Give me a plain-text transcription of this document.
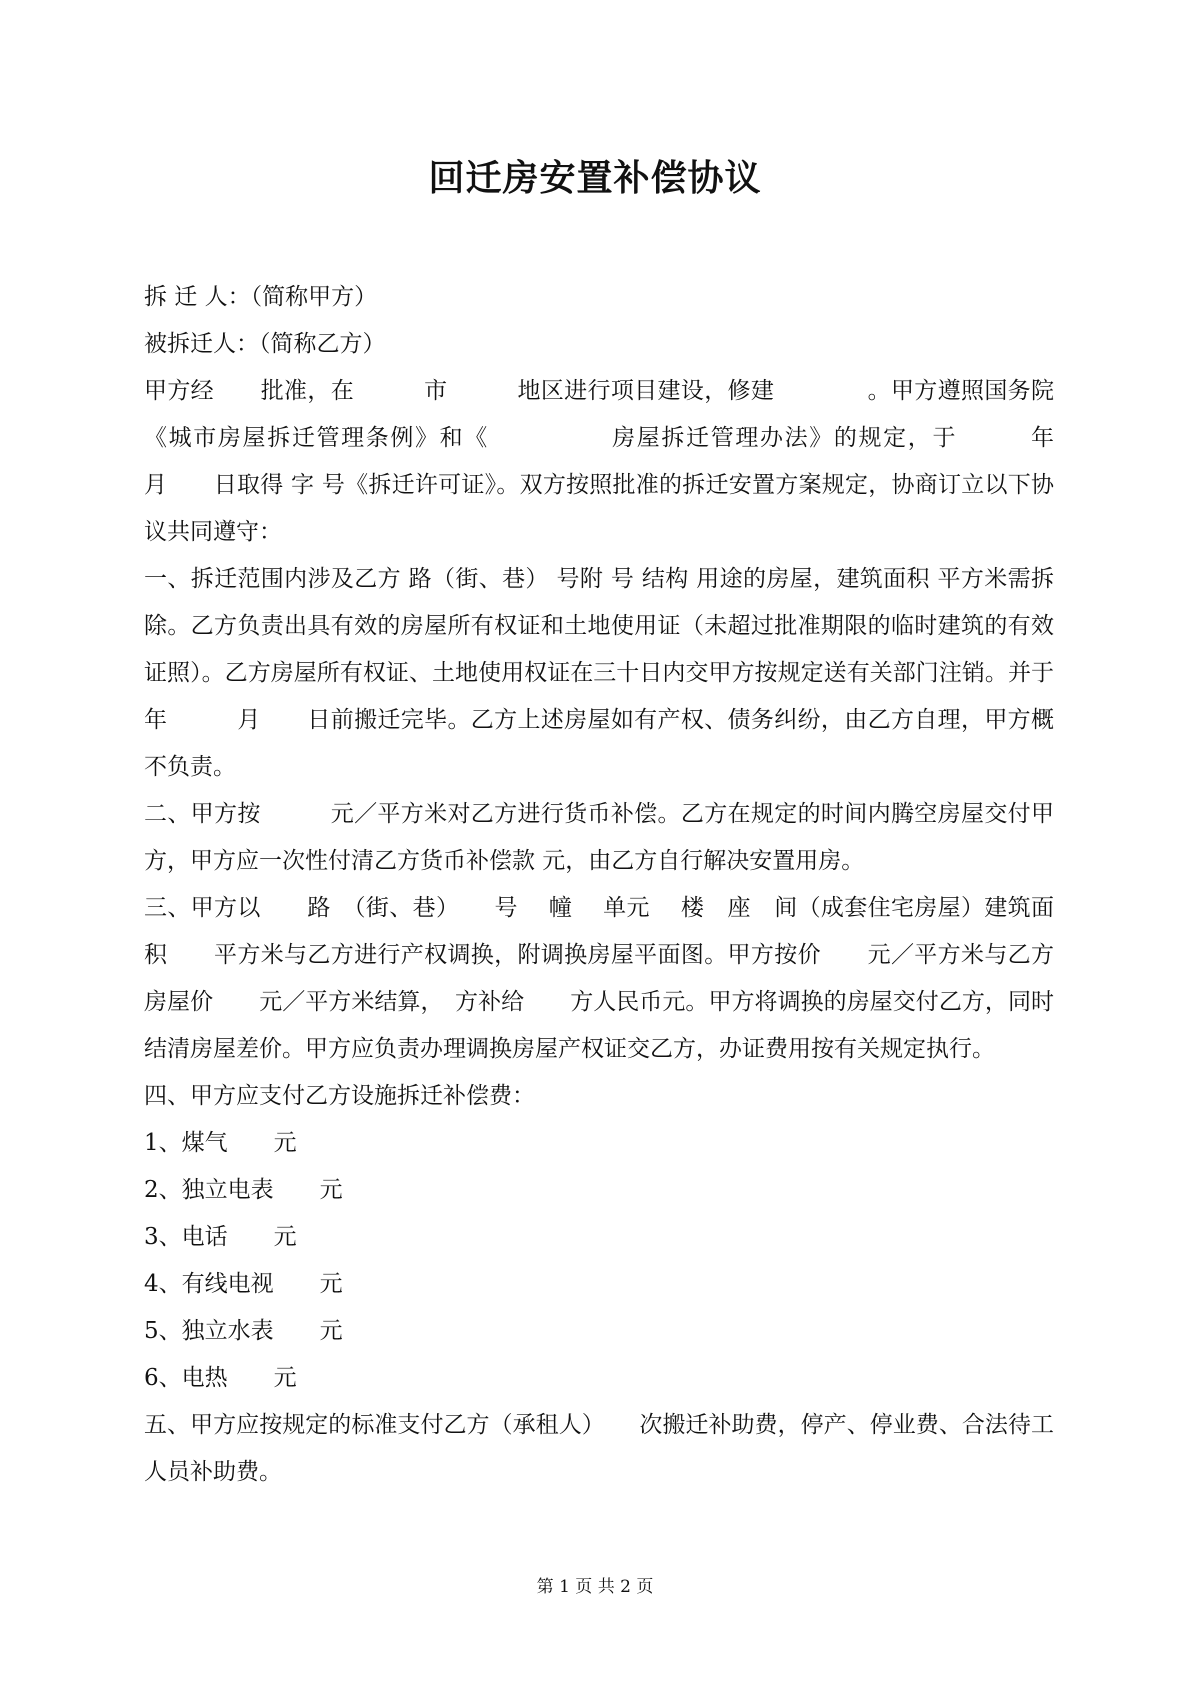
回迁房安置补偿协议

拆 迁 人：（简称甲方）

被拆迁人：（简称乙方）

甲方经　　批准，在　　　市　　　地区进行项目建设，修建　　　　。甲方遵照国务院《城市房屋拆迁管理条例》和《　　　　　房屋拆迁管理办法》的规定，于　　　年　　月　　日取得 字 号《拆迁许可证》。双方按照批准的拆迁安置方案规定，协商订立以下协议共同遵守：

一、拆迁范围内涉及乙方 路（街、巷） 号附 号 结构 用途的房屋，建筑面积 平方米需拆除。乙方负责出具有效的房屋所有权证和土地使用证（未超过批准期限的临时建筑的有效证照）。乙方房屋所有权证、土地使用权证在三十日内交甲方按规定送有关部门注销。并于　　　年　　　月　　日前搬迁完毕。乙方上述房屋如有产权、债务纠纷，由乙方自理，甲方概不负责。

二、甲方按　　　元／平方米对乙方进行货币补偿。乙方在规定的时间内腾空房屋交付甲方，甲方应一次性付清乙方货币补偿款 元，由乙方自行解决安置用房。

三、甲方以　　路　（街、巷）　　号　 幢　 单元　 楼　座　间（成套住宅房屋）建筑面积　　平方米与乙方进行产权调换，附调换房屋平面图。甲方按价　　元／平方米与乙方房屋价　　元／平方米结算，　方补给　　方人民币元。甲方将调换的房屋交付乙方，同时结清房屋差价。甲方应负责办理调换房屋产权证交乙方，办证费用按有关规定执行。

四、甲方应支付乙方设施拆迁补偿费：

1、煤气　　元

2、独立电表　　元

3、电话　　元

4、有线电视　　元

5、独立水表　　元

6、电热　　元

五、甲方应按规定的标准支付乙方（承租人）　　次搬迁补助费，停产、停业费、合法待工人员补助费。

第 1 页 共 2 页
